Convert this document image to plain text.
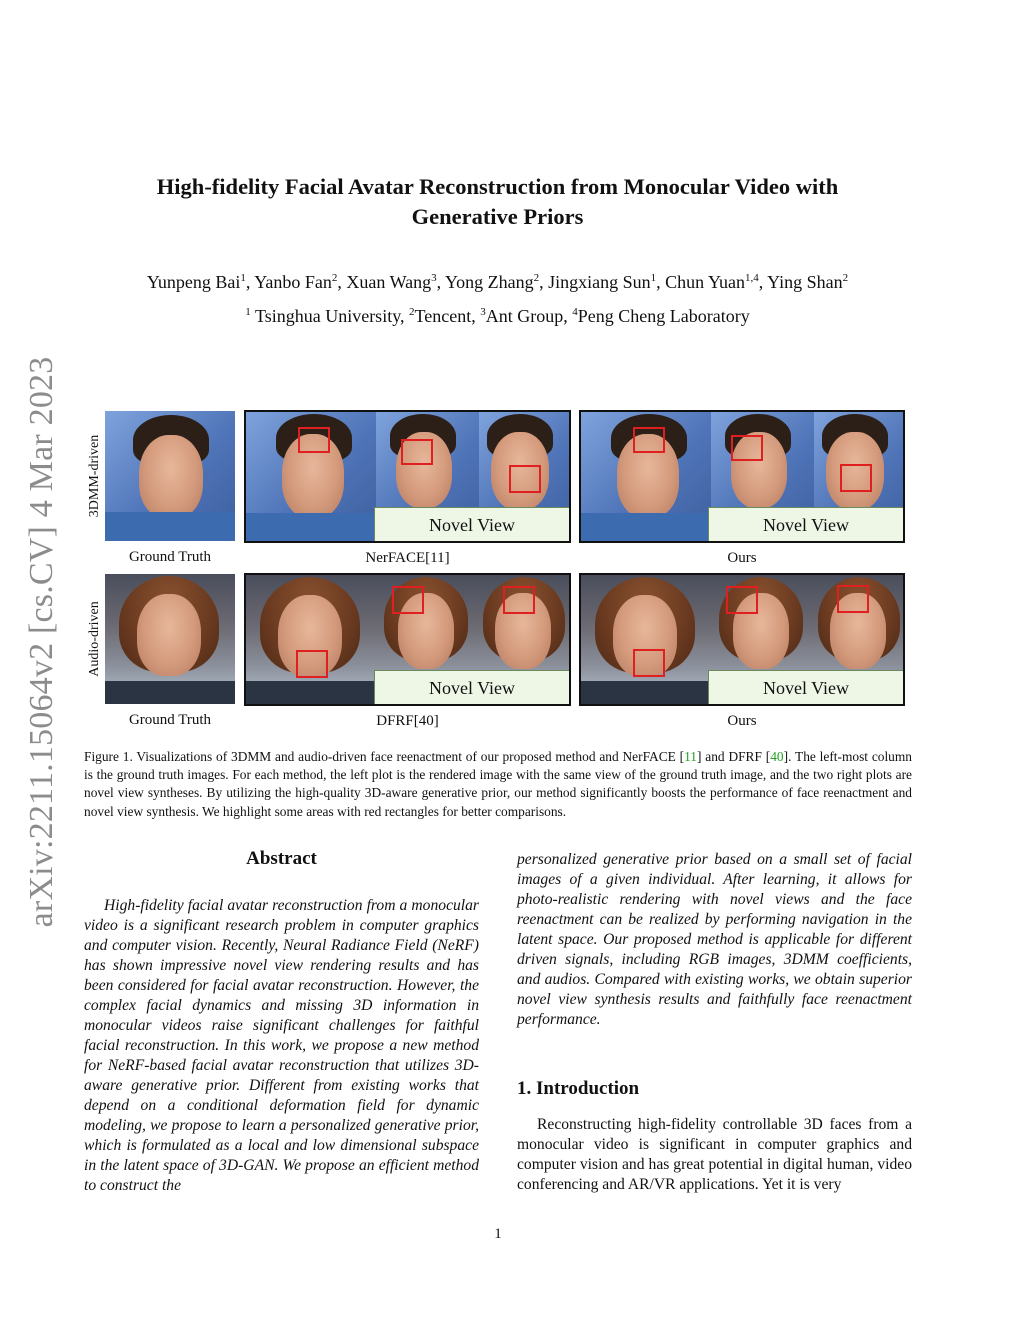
arXiv:2211.15064v2 [cs.CV] 4 Mar 2023
High-fidelity Facial Avatar Reconstruction from Monocular Video with
Generative Priors
Yunpeng Bai$^1$, Yanbo Fan$^2$, Xuan Wang$^3$, Yong Zhang$^2$, Jingxiang Sun$^1$, Chun Yuan$^{1,4}$, Ying Shan$^2$
$^1$ Tsinghua University, $^2$Tencent, $^3$Ant Group, $^4$Peng Cheng Laboratory
3DMM-driven
Audio-driven
Novel View	Novel View
Ground Truth	NerFACE[11]	Ours
Novel View	Novel View
Ground Truth	DFRF[40]	Ours
Figure 1. Visualizations of 3DMM and audio-driven face reenactment of our proposed method and NerFACE [11] and DFRF [40]. The left-most column is the ground truth images. For each method, the left plot is the rendered image with the same view of the ground truth image, and the two right plots are novel view syntheses. By utilizing the high-quality 3D-aware generative prior, our method significantly boosts the performance of face reenactment and novel view synthesis. We highlight some areas with red rectangles for better comparisons.
Abstract
High-fidelity facial avatar reconstruction from a monocular video is a significant research problem in computer graphics and computer vision. Recently, Neural Radiance Field (NeRF) has shown impressive novel view rendering results and has been considered for facial avatar reconstruction. However, the complex facial dynamics and missing 3D information in monocular videos raise significant challenges for faithful facial reconstruction. In this work, we propose a new method for NeRF-based facial avatar reconstruction that utilizes 3D-aware generative prior. Different from existing works that depend on a conditional deformation field for dynamic modeling, we propose to learn a personalized generative prior, which is formulated as a local and low dimensional subspace in the latent space of 3D-GAN. We propose an efficient method to construct the
personalized generative prior based on a small set of facial images of a given individual. After learning, it allows for photo-realistic rendering with novel views and the face reenactment can be realized by performing navigation in the latent space. Our proposed method is applicable for different driven signals, including RGB images, 3DMM coefficients, and audios. Compared with existing works, we obtain superior novel view synthesis results and faithfully face reenactment performance.
1. Introduction
Reconstructing high-fidelity controllable 3D faces from a monocular video is significant in computer graphics and computer vision and has great potential in digital human, video conferencing and AR/VR applications. Yet it is very
1
